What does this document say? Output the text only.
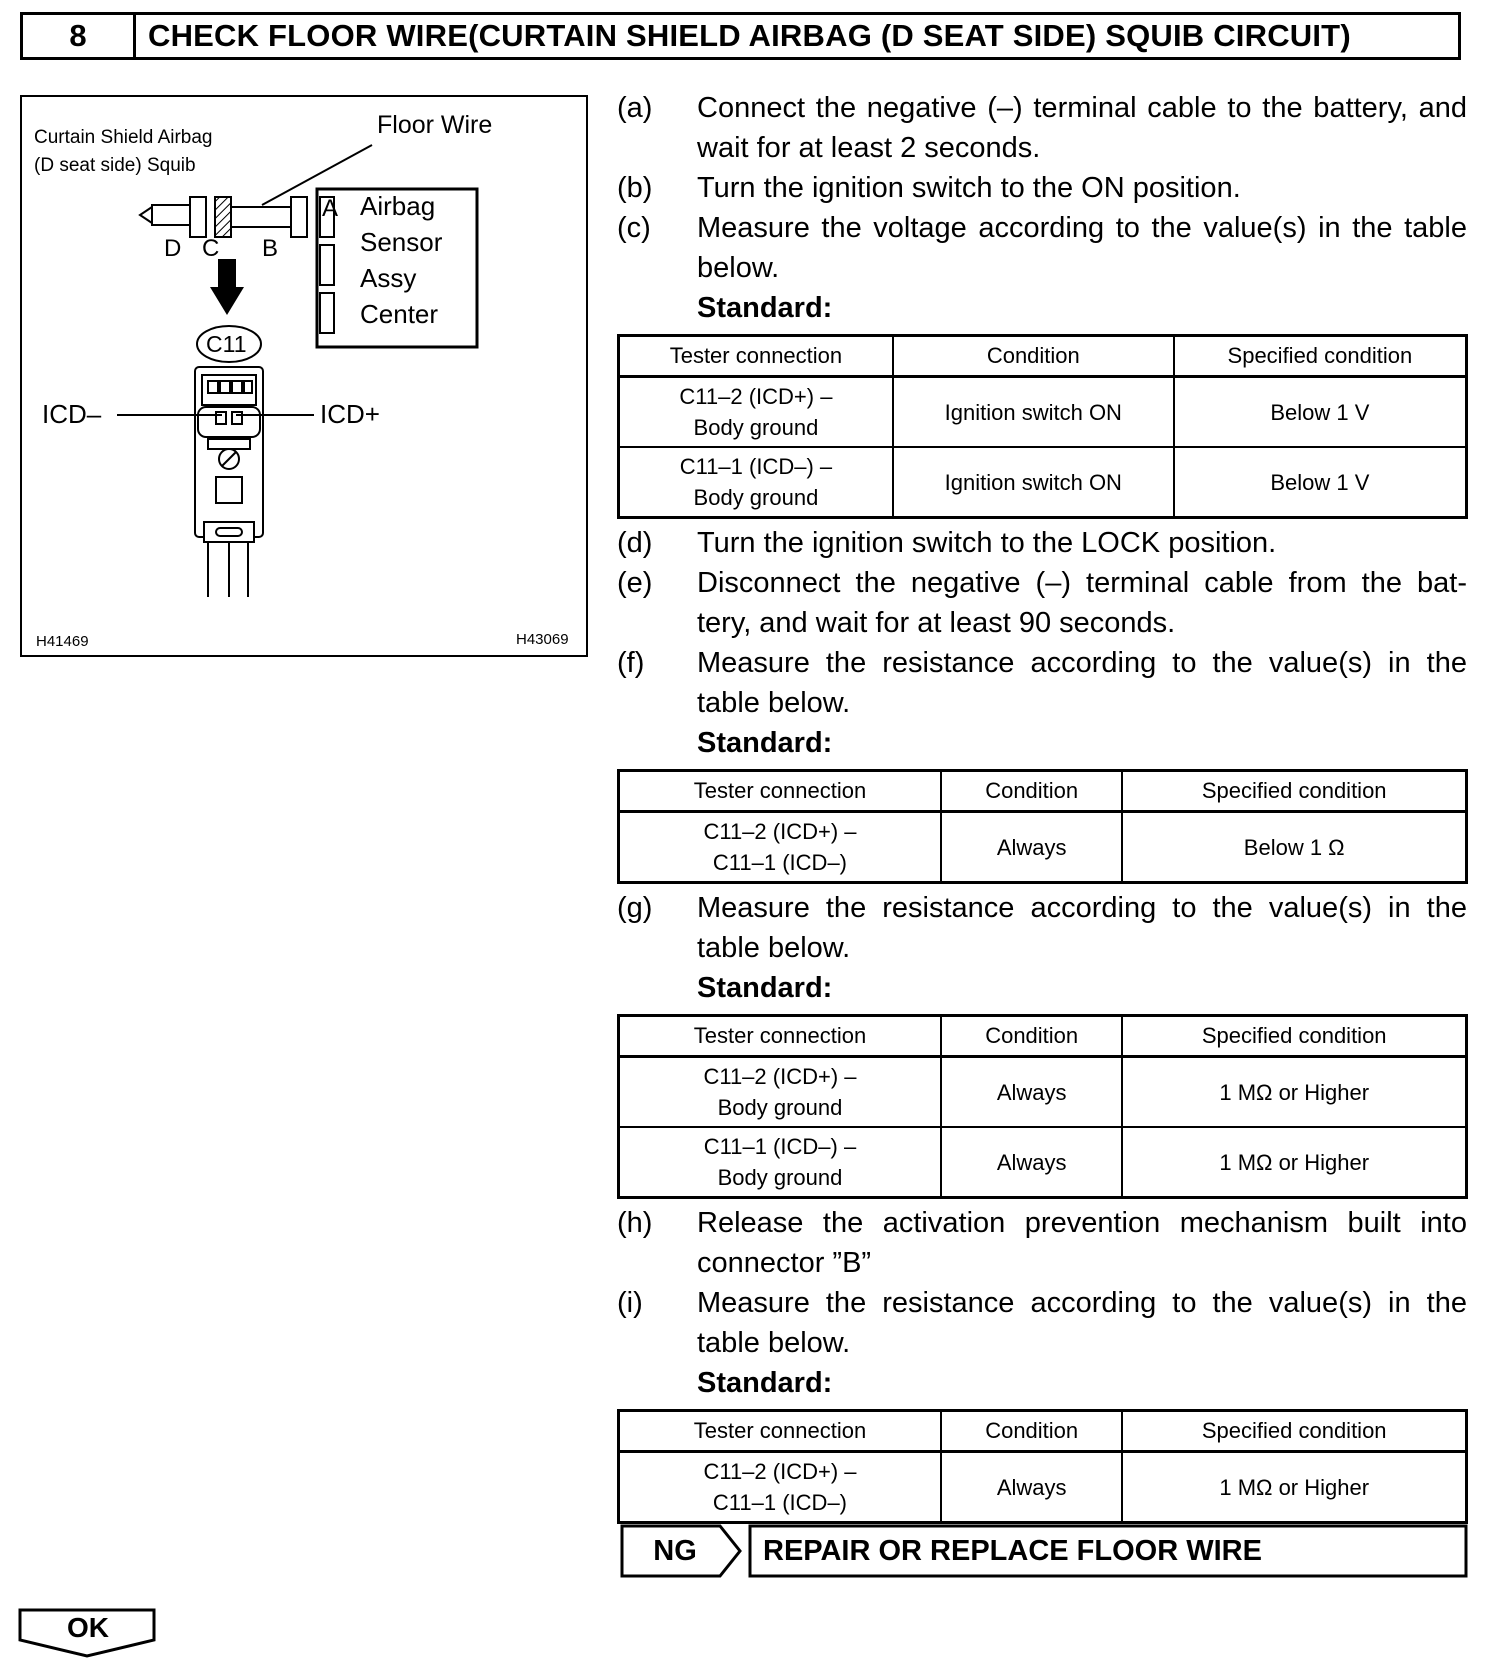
8	CHECK FLOOR WIRE(CURTAIN SHIELD AIRBAG (D SEAT SIDE) SQUIB CIRCUIT)
Curtain Shield Airbag
(D seat side) Squib
Floor Wire
D C B
A Airbag
Sensor
Assy
Center
C11
ICD–	ICD+
H41469	H43069
(a)	Connect the negative (–) terminal cable to the battery, and wait for at least 2 seconds.
(b)	Turn the ignition switch to the ON position.
(c)	Measure the voltage according to the value(s) in the table below.
Standard:
Tester connection	Condition	Specified condition

C11–2 (ICD+) –
Body ground	Ignition switch ON	Below 1 V

C11–1 (ICD–) –
Body ground	Ignition switch ON	Below 1 V
(d)	Turn the ignition switch to the LOCK position.
(e)	Disconnect the negative (–) terminal cable from the bat- tery, and wait for at least 90 seconds.
(f)	Measure the resistance according to the value(s) in the table below.
Standard:
Tester connection	Condition	Specified condition

C11–2 (ICD+) –
C11–1 (ICD–)	Always	Below 1 Ω
(g)	Measure the resistance according to the value(s) in the table below.
Standard:
Tester connection	Condition	Specified condition

C11–2 (ICD+) –
Body ground	Always	1 MΩ or Higher

C11–1 (ICD–) –
Body ground	Always	1 MΩ or Higher
(h)	Release the activation prevention mechanism built into connector ”B”
(i)	Measure the resistance according to the value(s) in the table below.
Standard:
Tester connection	Condition	Specified condition

C11–2 (ICD+) –
C11–1 (ICD–)	Always	1 MΩ or Higher
NG	REPAIR OR REPLACE FLOOR WIRE
OK
